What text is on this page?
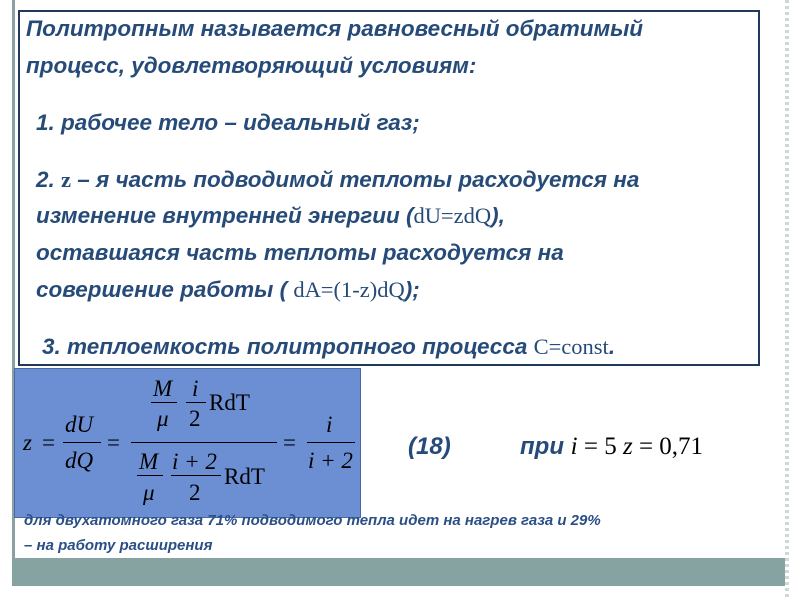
Политропным называется равновесный обратимый
процесс, удовлетворяющий условиям:
1. рабочее тело – идеальный газ;
2. z – я часть подводимой теплоты расходуется на
изменение внутренней энергии (dU=zdQ),
оставшаяся часть теплоты расходуется на
совершение работы ( dA=(1-z)dQ);
3. теплоемкость политропного процесса C=const.
z =
dU
dQ
=
M
μ
i
2
RdT
M
μ
i + 2
2
RdT
=
i
i + 2
(18)	при i = 5 z = 0,71
для двухатомного газа 71% подводимого тепла идет на нагрев газа и 29%
– на работу расширения
